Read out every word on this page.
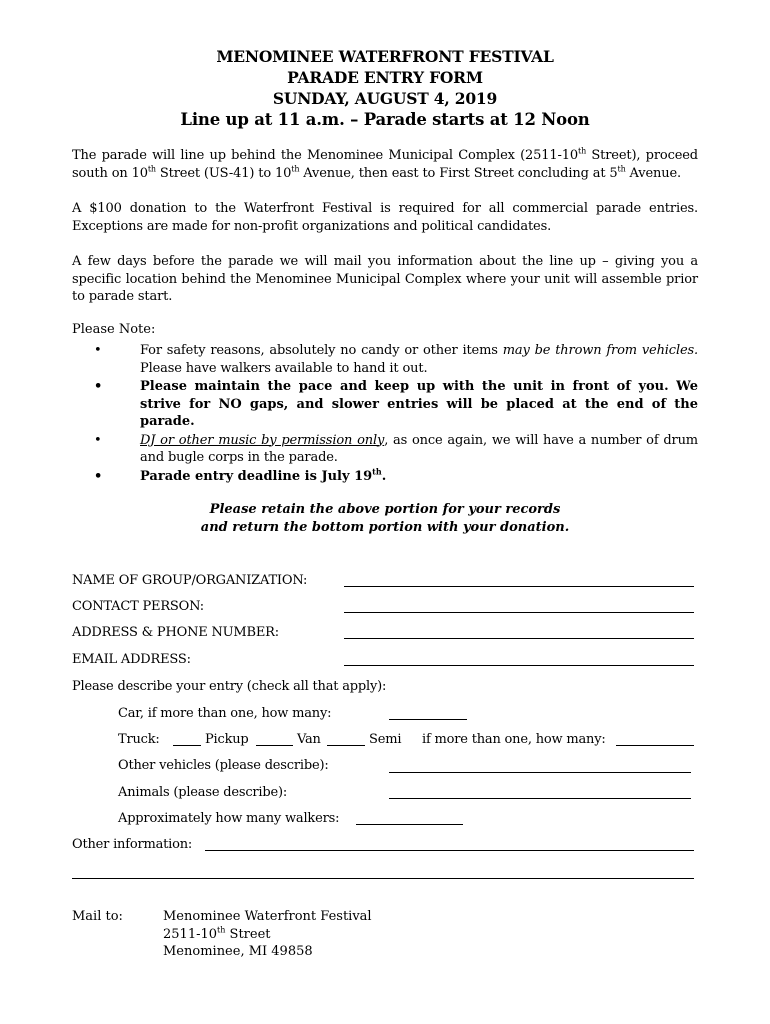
MENOMINEE WATERFRONT FESTIVAL
PARADE ENTRY FORM
SUNDAY, AUGUST 4, 2019
Line up at 11 a.m. – Parade starts at 12 Noon
The parade will line up behind the Menominee Municipal Complex (2511-10th Street), proceed south on 10th Street (US-41) to 10th Avenue, then east to First Street concluding at 5th Avenue.
A $100 donation to the Waterfront Festival is required for all commercial parade entries. Exceptions are made for non-profit organizations and political candidates.
A few days before the parade we will mail you information about the line up – giving you a specific location behind the Menominee Municipal Complex where your unit will assemble prior to parade start.
Please Note:
•	For safety reasons, absolutely no candy or other items may be thrown from vehicles. Please have walkers available to hand it out.
•	Please maintain the pace and keep up with the unit in front of you. We strive for NO gaps, and slower entries will be placed at the end of the parade.
•	DJ or other music by permission only, as once again, we will have a number of drum and bugle corps in the parade.
•	Parade entry deadline is July 19th.
Please retain the above portion for your records
and return the bottom portion with your donation.
NAME OF GROUP/ORGANIZATION:
CONTACT PERSON:
ADDRESS & PHONE NUMBER:
EMAIL ADDRESS:
Please describe your entry (check all that apply):
Car, if more than one, how many:
Truck:	Pickup	Van	Semi if more than one, how many:
Other vehicles (please describe):
Animals (please describe):
Approximately how many walkers:
Other information:
Mail to:	Menominee Waterfront Festival
2511-10th Street
Menominee, MI 49858
